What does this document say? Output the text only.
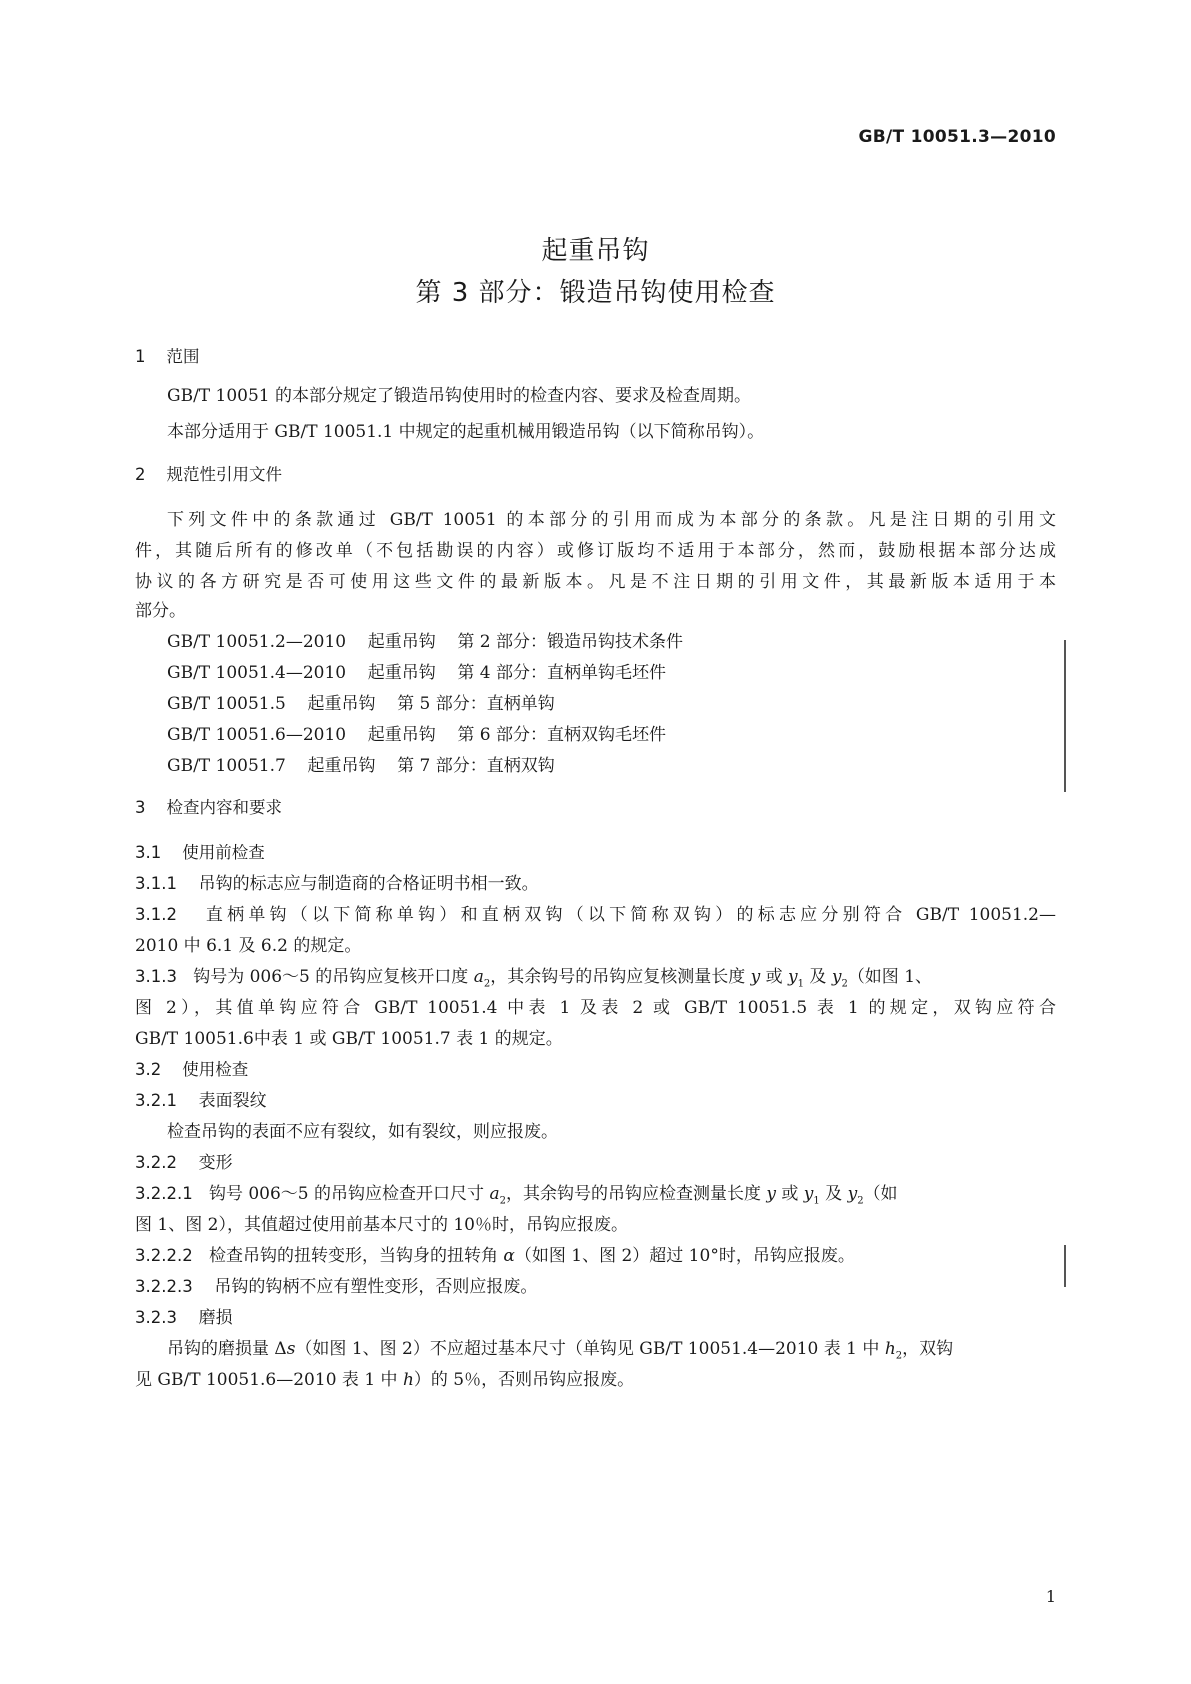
GB/T 10051.3—2010
起重吊钩
第 3 部分：锻造吊钩使用检查
1 范围
GB/T 10051 的本部分规定了锻造吊钩使用时的检查内容、要求及检查周期。
本部分适用于 GB/T 10051.1 中规定的起重机械用锻造吊钩（以下简称吊钩）。
2 规范性引用文件
下列文件中的条款通过 GB/T 10051 的本部分的引用而成为本部分的条款。凡是注日期的引用文
件，其随后所有的修改单（不包括勘误的内容）或修订版均不适用于本部分，然而，鼓励根据本部分达成
协议的各方研究是否可使用这些文件的最新版本。凡是不注日期的引用文件，其最新版本适用于本
部分。
GB/T 10051.2—2010 起重吊钩 第 2 部分：锻造吊钩技术条件
GB/T 10051.4—2010 起重吊钩 第 4 部分：直柄单钩毛坯件
GB/T 10051.5 起重吊钩 第 5 部分：直柄单钩
GB/T 10051.6—2010 起重吊钩 第 6 部分：直柄双钩毛坯件
GB/T 10051.7 起重吊钩 第 7 部分：直柄双钩
3 检查内容和要求
3.1 使用前检查
3.1.1 吊钩的标志应与制造商的合格证明书相一致。
3.1.2 直柄单钩（以下简称单钩）和直柄双钩（以下简称双钩）的标志应分别符合 GB/T 10051.2—
2010 中 6.1 及 6.2 的规定。
3.1.3 钩号为 006～5 的吊钩应复核开口度 $a_2$，其余钩号的吊钩应复核测量长度 y 或 $y_1$ 及 $y_2$（如图 1、
图 2），其值单钩应符合 GB/T 10051.4 中表 1 及表 2 或 GB/T 10051.5 表 1 的规定，双钩应符合
GB/T 10051.6中表 1 或 GB/T 10051.7 表 1 的规定。
3.2 使用检查
3.2.1 表面裂纹
检查吊钩的表面不应有裂纹，如有裂纹，则应报废。
3.2.2 变形
3.2.2.1 钩号 006～5 的吊钩应检查开口尺寸 $a_2$，其余钩号的吊钩应检查测量长度 y 或 $y_1$ 及 $y_2$（如
图 1、图 2），其值超过使用前基本尺寸的 10％时，吊钩应报废。
3.2.2.2 检查吊钩的扭转变形，当钩身的扭转角 α（如图 1、图 2）超过 10°时，吊钩应报废。
3.2.2.3 吊钩的钩柄不应有塑性变形，否则应报废。
3.2.3 磨损
吊钩的磨损量 Δs（如图 1、图 2）不应超过基本尺寸（单钩见 GB/T 10051.4—2010 表 1 中 $h_2$，双钩
见 GB/T 10051.6—2010 表 1 中 h）的 5％，否则吊钩应报废。
1
